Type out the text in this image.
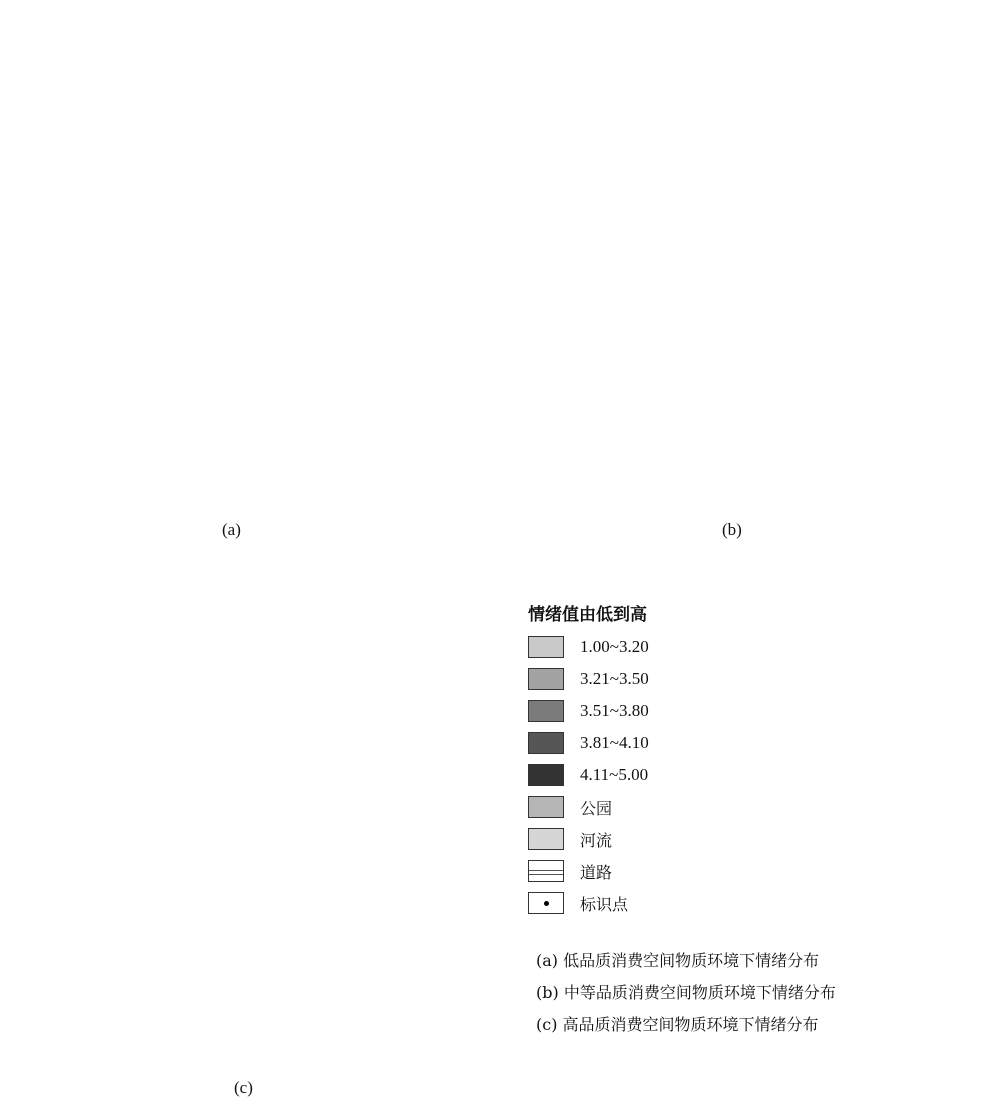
(a)	(b)
(c)
情绪值由低到高
1.00~3.20
3.21~3.50
3.51~3.80
3.81~4.10
4.11~5.00
公园
河流
道路
标识点
(a) 低品质消费空间物质环境下情绪分布
(b) 中等品质消费空间物质环境下情绪分布
(c) 高品质消费空间物质环境下情绪分布
